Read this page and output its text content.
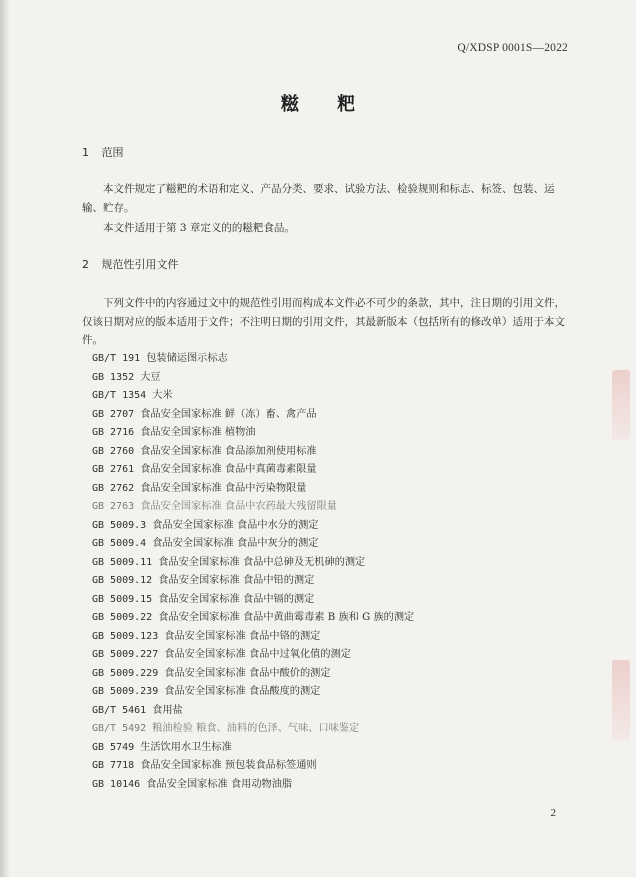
Q/XDSP 0001S—2022
糍 粑
1 范围

本文件规定了糍粑的术语和定义、产品分类、要求、试验方法、检验规则和标志、标签、包装、运输、贮存。

本文件适用于第 3 章定义的的糍粑食品。

2 规范性引用文件

下列文件中的内容通过文中的规范性引用而构成本文件必不可少的条款，其中，注日期的引用文件，仅该日期对应的版本适用于文件；不注明日期的引用文件，其最新版本（包括所有的修改单）适用于本文件。

GB/T 191 包装储运图示标志
GB 1352 大豆
GB/T 1354 大米
GB 2707 食品安全国家标准 鲜（冻）畜、禽产品
GB 2716 食品安全国家标准 植物油
GB 2760 食品安全国家标准 食品添加剂使用标准
GB 2761 食品安全国家标准 食品中真菌毒素限量
GB 2762 食品安全国家标准 食品中污染物限量
GB 2763 食品安全国家标准 食品中农药最大残留限量
GB 5009.3 食品安全国家标准 食品中水分的测定
GB 5009.4 食品安全国家标准 食品中灰分的测定
GB 5009.11 食品安全国家标准 食品中总砷及无机砷的测定
GB 5009.12 食品安全国家标准 食品中铅的测定
GB 5009.15 食品安全国家标准 食品中镉的测定
GB 5009.22 食品安全国家标准 食品中黄曲霉毒素 B 族和 G 族的测定
GB 5009.123 食品安全国家标准 食品中铬的测定
GB 5009.227 食品安全国家标准 食品中过氧化值的测定
GB 5009.229 食品安全国家标准 食品中酸价的测定
GB 5009.239 食品安全国家标准 食品酸度的测定
GB/T 5461 食用盐
GB/T 5492 粮油检验 粮食、油料的色泽、气味、口味鉴定
GB 5749 生活饮用水卫生标准
GB 7718 食品安全国家标准 预包装食品标签通则
GB 10146 食品安全国家标准 食用动物油脂
2
